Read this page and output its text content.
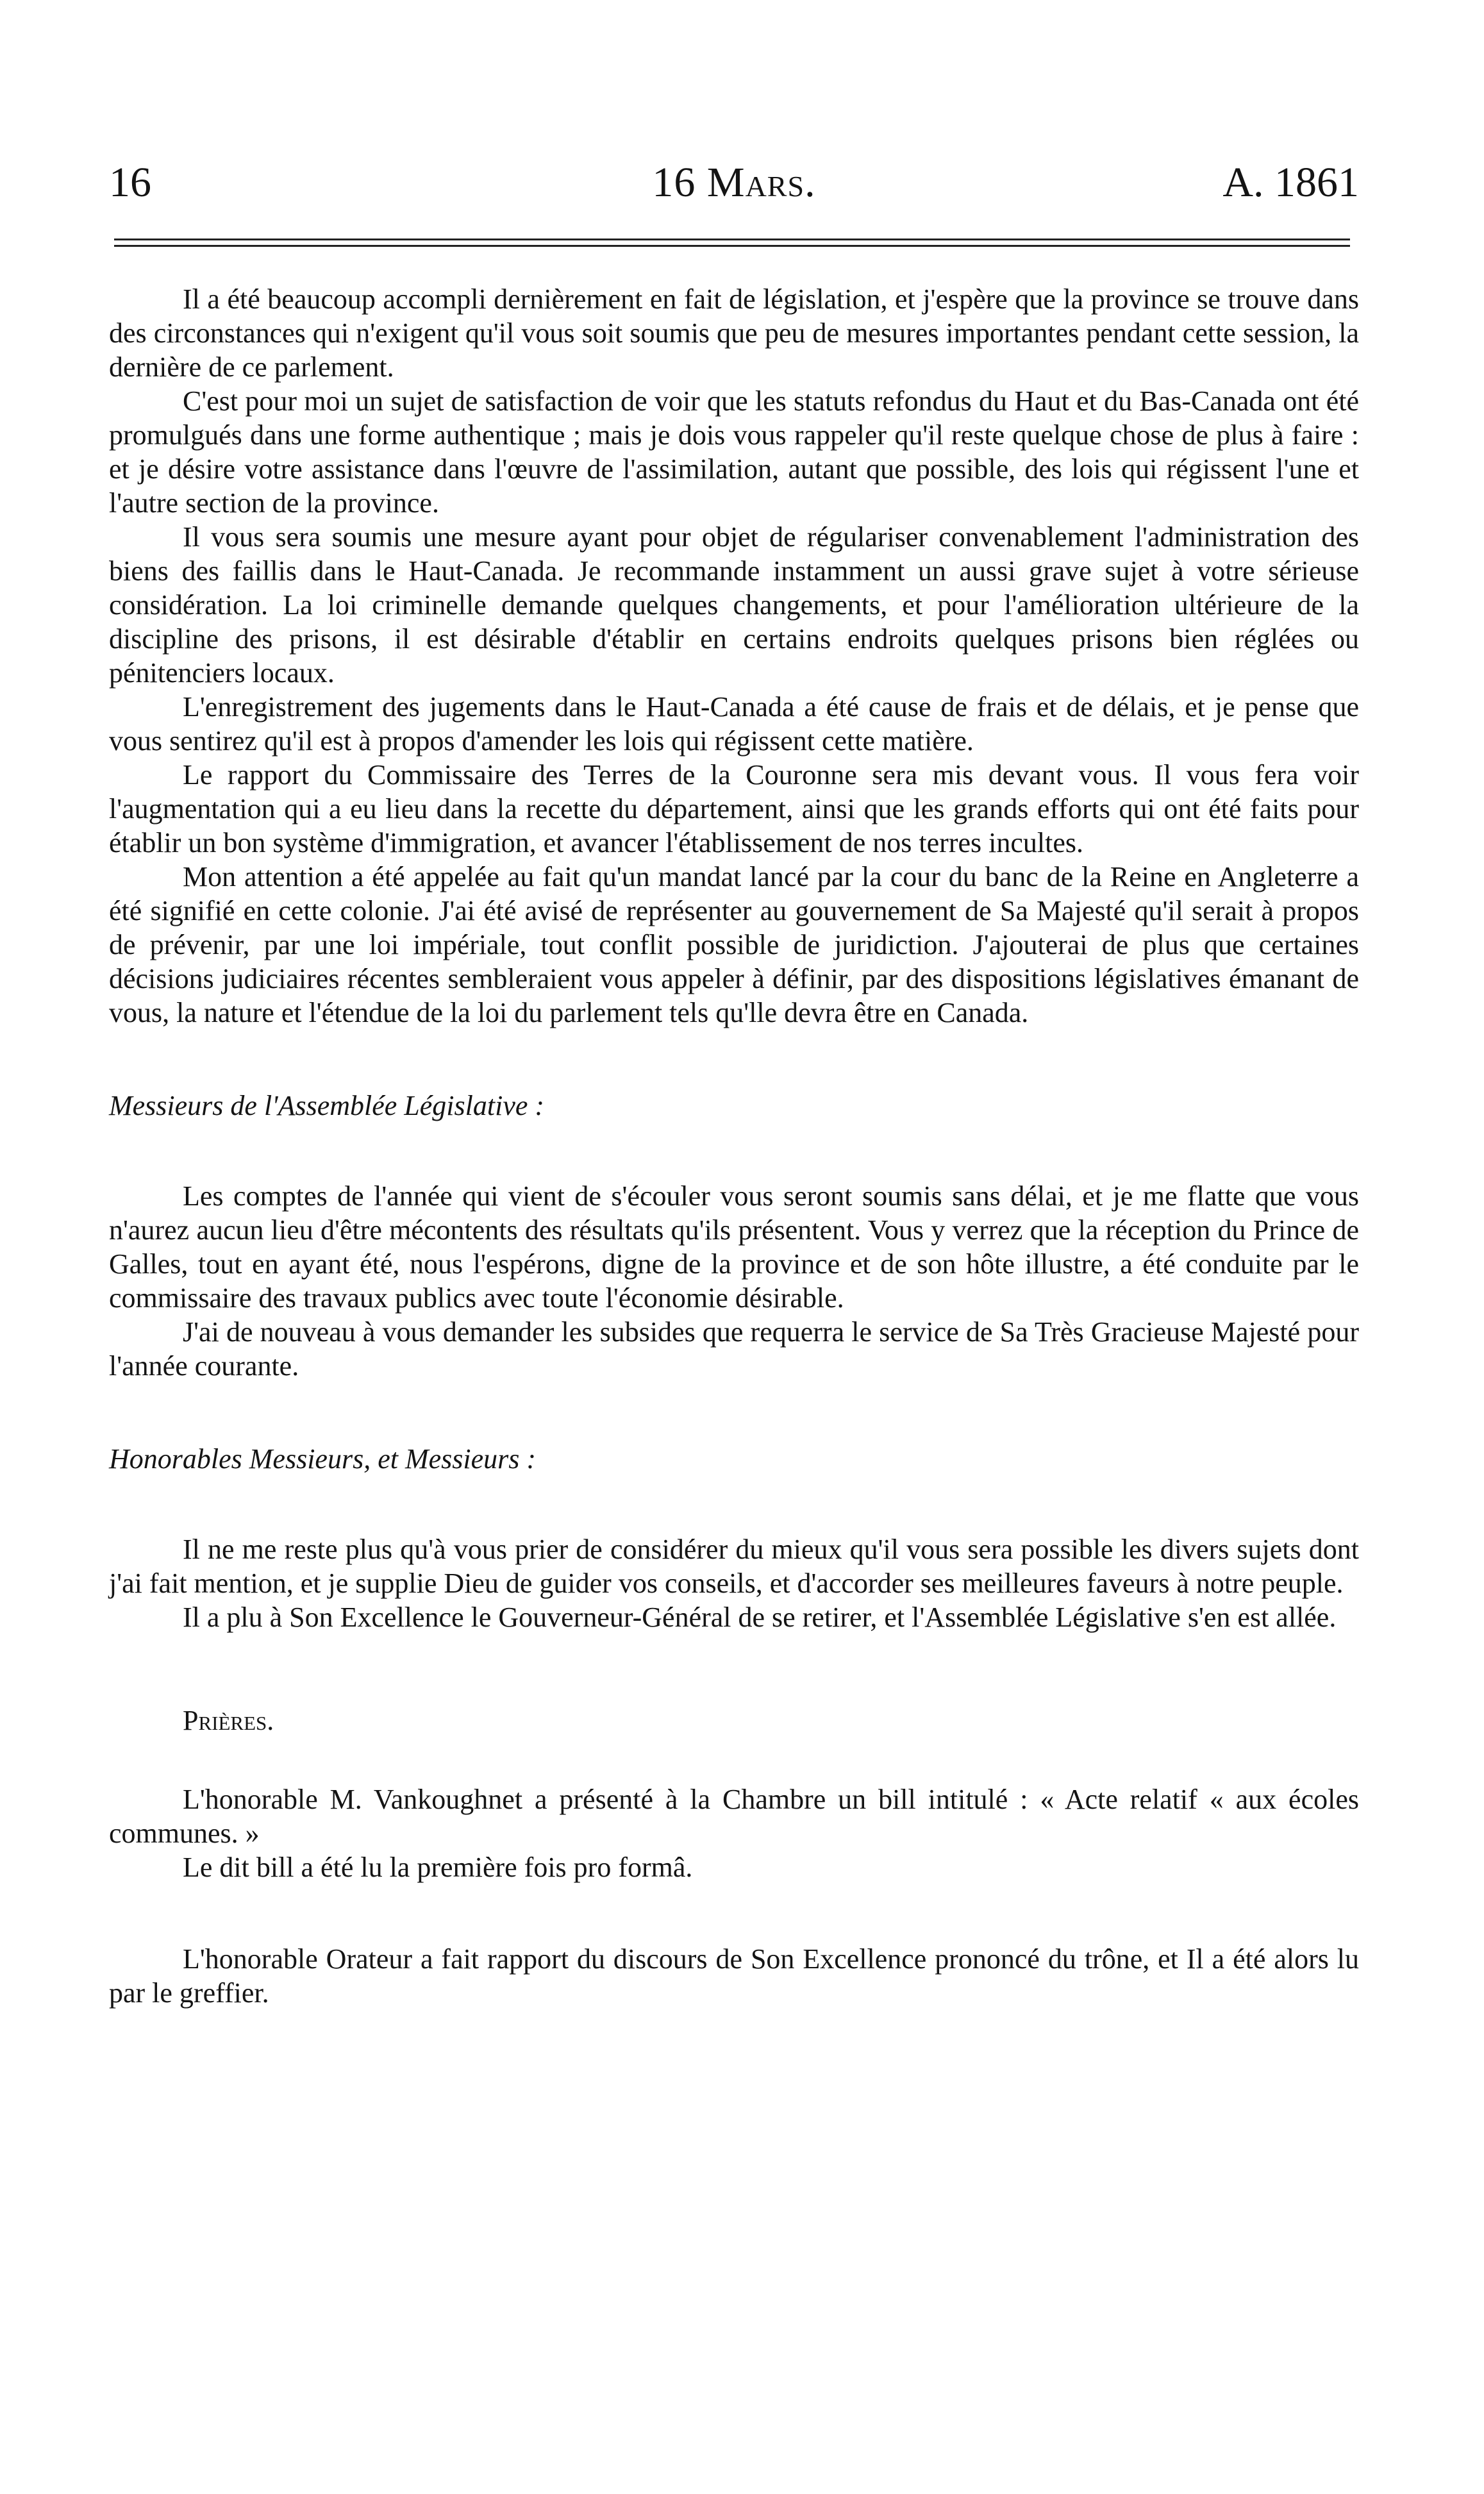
16	16 Mars.	A. 1861

Il a été beaucoup accompli dernièrement en fait de législation, et j'espère que la province se trouve dans des circonstances qui n'exigent qu'il vous soit soumis que peu de mesures importantes pendant cette session, la dernière de ce parlement.

C'est pour moi un sujet de satisfaction de voir que les statuts refondus du Haut et du Bas-Canada ont été promulgués dans une forme authentique ; mais je dois vous rappeler qu'il reste quelque chose de plus à faire : et je désire votre assistance dans l'œuvre de l'assimilation, autant que possible, des lois qui régissent l'une et l'autre section de la province.

Il vous sera soumis une mesure ayant pour objet de régulariser convenablement l'administration des biens des faillis dans le Haut-Canada. Je recommande instamment un aussi grave sujet à votre sérieuse considération. La loi criminelle demande quelques changements, et pour l'amélioration ultérieure de la discipline des prisons, il est désirable d'établir en certains endroits quelques prisons bien réglées ou pénitenciers locaux.

L'enregistrement des jugements dans le Haut-Canada a été cause de frais et de délais, et je pense que vous sentirez qu'il est à propos d'amender les lois qui régissent cette matière.

Le rapport du Commissaire des Terres de la Couronne sera mis devant vous. Il vous fera voir l'augmentation qui a eu lieu dans la recette du département, ainsi que les grands efforts qui ont été faits pour établir un bon système d'immigration, et avancer l'établissement de nos terres incultes.

Mon attention a été appelée au fait qu'un mandat lancé par la cour du banc de la Reine en Angleterre a été signifié en cette colonie. J'ai été avisé de représenter au gouvernement de Sa Majesté qu'il serait à propos de prévenir, par une loi impériale, tout conflit possible de juridiction. J'ajouterai de plus que certaines décisions judiciaires récentes sembleraient vous appeler à définir, par des dispositions législatives émanant de vous, la nature et l'étendue de la loi du parlement tels qu'lle devra être en Canada.

Messieurs de l'Assemblée Législative :

Les comptes de l'année qui vient de s'écouler vous seront soumis sans délai, et je me flatte que vous n'aurez aucun lieu d'être mécontents des résultats qu'ils présentent. Vous y verrez que la réception du Prince de Galles, tout en ayant été, nous l'espérons, digne de la province et de son hôte illustre, a été conduite par le commissaire des travaux publics avec toute l'économie désirable.

J'ai de nouveau à vous demander les subsides que requerra le service de Sa Très Gracieuse Majesté pour l'année courante.

Honorables Messieurs, et Messieurs :

Il ne me reste plus qu'à vous prier de considérer du mieux qu'il vous sera possible les divers sujets dont j'ai fait mention, et je supplie Dieu de guider vos conseils, et d'accorder ses meilleures faveurs à notre peuple.

Il a plu à Son Excellence le Gouverneur-Général de se retirer, et l'Assemblée Législative s'en est allée.

Prières.

L'honorable M. Vankoughnet a présenté à la Chambre un bill intitulé : « Acte relatif « aux écoles communes. »

Le dit bill a été lu la première fois pro formâ.

L'honorable Orateur a fait rapport du discours de Son Excellence prononcé du trône, et Il a été alors lu par le greffier.
